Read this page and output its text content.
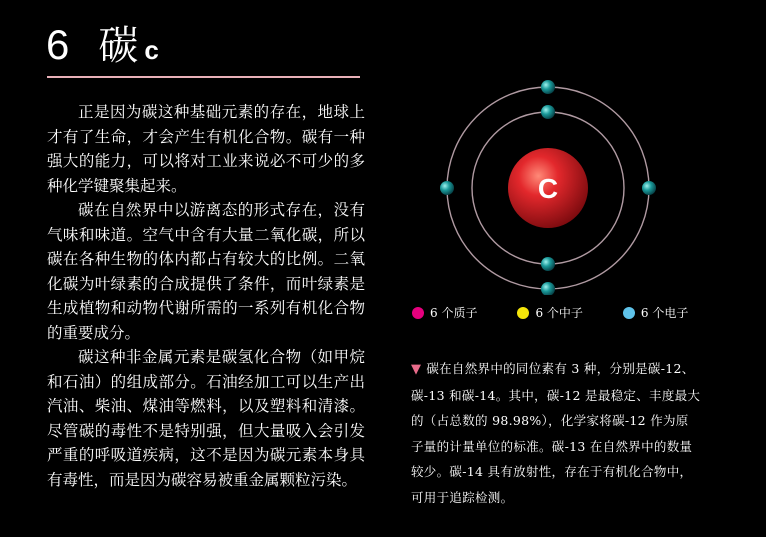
6 碳 c

正是因为碳这种基础元素的存在，地球上才有了生命，才会产生有机化合物。碳有一种强大的能力，可以将对工业来说必不可少的多种化学键聚集起来。

碳在自然界中以游离态的形式存在，没有气味和味道。空气中含有大量二氧化碳，所以碳在各种生物的体内都占有较大的比例。二氧化碳为叶绿素的合成提供了条件，而叶绿素是生成植物和动物代谢所需的一系列有机化合物的重要成分。

碳这种非金属元素是碳氢化合物（如甲烷和石油）的组成部分。石油经加工可以生产出汽油、柴油、煤油等燃料，以及塑料和清漆。尽管碳的毒性不是特别强，但大量吸入会引发严重的呼吸道疾病，这不是因为碳元素本身具有毒性，而是因为碳容易被重金属颗粒污染。

C
6 个质子	6 个中子	6 个电子
▼ 碳在自然界中的同位素有 3 种，分别是碳-12、碳-13 和碳-14。其中，碳-12 是最稳定、丰度最大的（占总数的 98.98%），化学家将碳-12 作为原子量的计量单位的标准。碳-13 在自然界中的数量较少。碳-14 具有放射性，存在于有机化合物中，可用于追踪检测。
